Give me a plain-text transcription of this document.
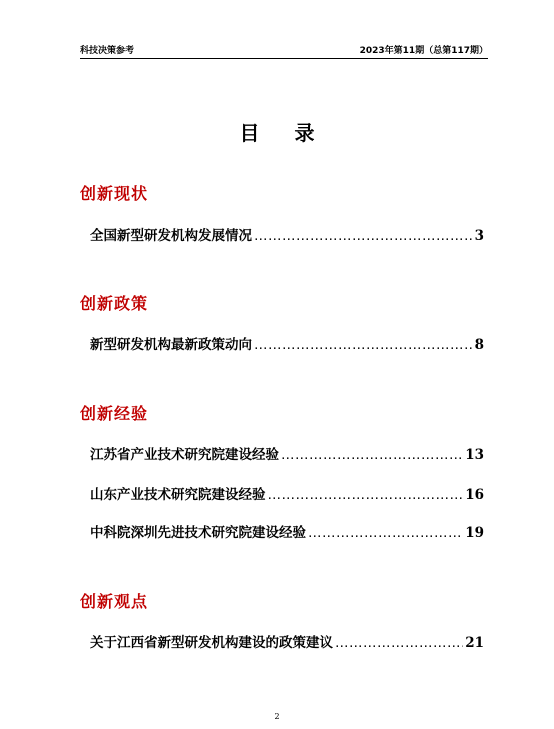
科技决策参考	2023年第11期（总第117期）
目 录
创新现状
全国新型研发机构发展情况 …………………………………………………………………………………………………………………………………………	3
创新政策
新型研发机构最新政策动向 …………………………………………………………………………………………………………………………………………	8
创新经验
江苏省产业技术研究院建设经验 …………………………………………………………………………………………………………………………………………	13
山东产业技术研究院建设经验 …………………………………………………………………………………………………………………………………………	16
中科院深圳先进技术研究院建设经验 …………………………………………………………………………………………………………………………………………	19
创新观点
关于江西省新型研发机构建设的政策建议 …………………………………………………………………………………………………………………………………………	21
2
